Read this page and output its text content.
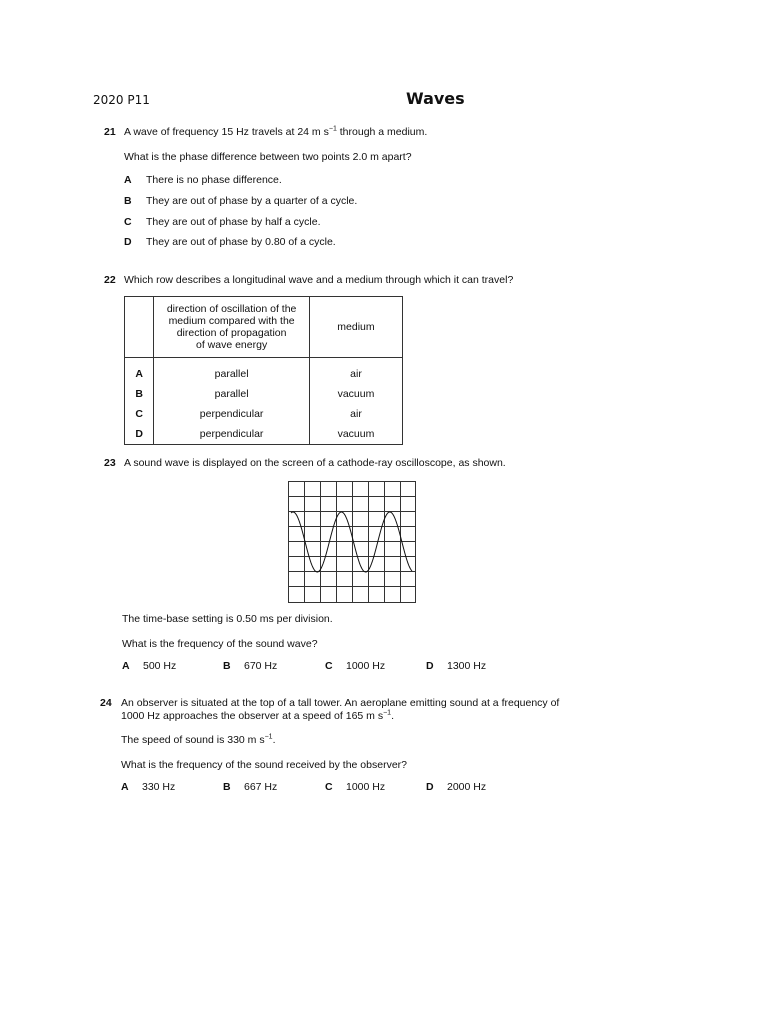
2020 P11	Waves
21 A wave of frequency 15 Hz travels at 24 m $s^{-1}$ through a medium.
What is the phase difference between two points 2.0 m apart?
A There is no phase difference.
B They are out of phase by a quarter of a cycle.
C They are out of phase by half a cycle.
D They are out of phase by 0.80 of a cycle.
22 Which row describes a longitudinal wave and a medium through which it can travel?

	direction of oscillation of the
medium compared with the
direction of propagation
of wave energy	medium
A	parallel	air
B	parallel	vacuum
C	perpendicular	air
D	perpendicular	vacuum
23 A sound wave is displayed on the screen of a cathode-ray oscilloscope, as shown.
The time-base setting is 0.50 ms per division.
What is the frequency of the sound wave?
A 500 Hz	B 670 Hz	C 1000 Hz	D 1300 Hz
24 An observer is situated at the top of a tall tower. An aeroplane emitting sound at a frequency of
1000 Hz approaches the observer at a speed of 165 m $s^{-1}$.
The speed of sound is 330 m $s^{-1}$.
What is the frequency of the sound received by the observer?
A 330 Hz	B 667 Hz	C 1000 Hz	D 2000 Hz
